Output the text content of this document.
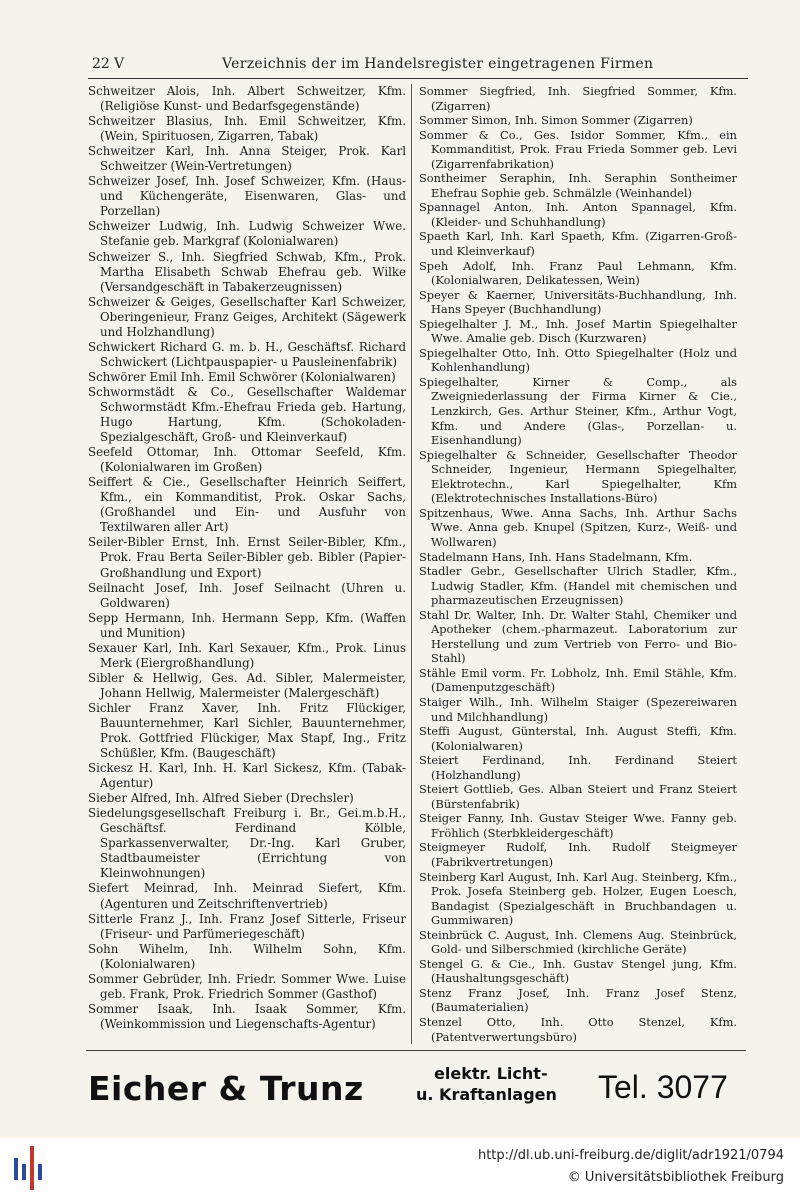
22 V	Verzeichnis der im Handelsregister eingetragenen Firmen

Schweitzer Alois, Inh. Albert Schweitzer, Kfm. (Religiöse Kunst- und Bedarfsgegenstände)

Schweitzer Blasius, Inh. Emil Schweitzer, Kfm. (Wein, Spirituosen, Zigarren, Tabak)

Schweitzer Karl, Inh. Anna Steiger, Prok. Karl Schweitzer (Wein-Vertretungen)

Schweizer Josef, Inh. Josef Schweizer, Kfm. (Haus- und Küchengeräte, Eisenwaren, Glas- und Porzellan)

Schweizer Ludwig, Inh. Ludwig Schweizer Wwe. Stefanie geb. Markgraf (Kolonialwaren)

Schweizer S., Inh. Siegfried Schwab, Kfm., Prok. Martha Elisabeth Schwab Ehefrau geb. Wilke (Versandgeschäft in Tabakerzeugnissen)

Schweizer & Geiges, Gesellschafter Karl Schweizer, Oberingenieur, Franz Geiges, Architekt (Sägewerk und Holzhandlung)

Schwickert Richard G. m. b. H., Geschäftsf. Richard Schwickert (Lichtpauspapier- u Pausleinenfabrik)

Schwörer Emil Inh. Emil Schwörer (Kolonialwaren)

Schwormstädt & Co., Gesellschafter Waldemar Schwormstädt Kfm.-Ehefrau Frieda geb. Hartung, Hugo Hartung, Kfm. (Schokoladen-Spezialgeschäft, Groß- und Kleinverkauf)

Seefeld Ottomar, Inh. Ottomar Seefeld, Kfm. (Kolonialwaren im Großen)

Seiffert & Cie., Gesellschafter Heinrich Seiffert, Kfm., ein Kommanditist, Prok. Oskar Sachs, (Großhandel und Ein- und Ausfuhr von Textilwaren aller Art)

Seiler-Bibler Ernst, Inh. Ernst Seiler-Bibler, Kfm., Prok. Frau Berta Seiler-Bibler geb. Bibler (Papier-Großhandlung und Export)

Seilnacht Josef, Inh. Josef Seilnacht (Uhren u. Goldwaren)

Sepp Hermann, Inh. Hermann Sepp, Kfm. (Waffen und Munition)

Sexauer Karl, Inh. Karl Sexauer, Kfm., Prok. Linus Merk (Eiergroßhandlung)

Sibler & Hellwig, Ges. Ad. Sibler, Malermeister, Johann Hellwig, Malermeister (Malergeschäft)

Sichler Franz Xaver, Inh. Fritz Flückiger, Bauunternehmer, Karl Sichler, Bauunternehmer, Prok. Gottfried Flückiger, Max Stapf, Ing., Fritz Schüßler, Kfm. (Baugeschäft)

Sickesz H. Karl, Inh. H. Karl Sickesz, Kfm. (Tabak-Agentur)

Sieber Alfred, Inh. Alfred Sieber (Drechsler)

Siedelungsgesellschaft Freiburg i. Br., Gei.m.b.H., Geschäftsf. Ferdinand Kölble, Sparkassenverwalter, Dr.-Ing. Karl Gruber, Stadtbaumeister (Errichtung von Kleinwohnungen)

Siefert Meinrad, Inh. Meinrad Siefert, Kfm. (Agenturen und Zeitschriftenvertrieb)

Sitterle Franz J., Inh. Franz Josef Sitterle, Friseur (Friseur- und Parfümeriegeschäft)

Sohn Wihelm, Inh. Wilhelm Sohn, Kfm. (Kolonialwaren)

Sommer Gebrüder, Inh. Friedr. Sommer Wwe. Luise geb. Frank, Prok. Friedrich Sommer (Gasthof)

Sommer Isaak, Inh. Isaak Sommer, Kfm. (Weinkommission und Liegenschafts-Agentur)

Sommer Siegfried, Inh. Siegfried Sommer, Kfm. (Zigarren)

Sommer Simon, Inh. Simon Sommer (Zigarren)

Sommer & Co., Ges. Isidor Sommer, Kfm., ein Kommanditist, Prok. Frau Frieda Sommer geb. Levi (Zigarrenfabrikation)

Sontheimer Seraphin, Inh. Seraphin Sontheimer Ehefrau Sophie geb. Schmälzle (Weinhandel)

Spannagel Anton, Inh. Anton Spannagel, Kfm. (Kleider- und Schuhhandlung)

Spaeth Karl, Inh. Karl Spaeth, Kfm. (Zigarren-Groß- und Kleinverkauf)

Speh Adolf, Inh. Franz Paul Lehmann, Kfm. (Kolonialwaren, Delikatessen, Wein)

Speyer & Kaerner, Universitäts-Buchhandlung, Inh. Hans Speyer (Buchhandlung)

Spiegelhalter J. M., Inh. Josef Martin Spiegelhalter Wwe. Amalie geb. Disch (Kurzwaren)

Spiegelhalter Otto, Inh. Otto Spiegelhalter (Holz und Kohlenhandlung)

Spiegelhalter, Kirner & Comp., als Zweigniederlassung der Firma Kirner & Cie., Lenzkirch, Ges. Arthur Steiner, Kfm., Arthur Vogt, Kfm. und Andere (Glas-, Porzellan- u. Eisenhandlung)

Spiegelhalter & Schneider, Gesellschafter Theodor Schneider, Ingenieur, Hermann Spiegelhalter, Elektrotechn., Karl Spiegelhalter, Kfm (Elektrotechnisches Installations-Büro)

Spitzenhaus, Wwe. Anna Sachs, Inh. Arthur Sachs Wwe. Anna geb. Knupel (Spitzen, Kurz-, Weiß- und Wollwaren)

Stadelmann Hans, Inh. Hans Stadelmann, Kfm.

Stadler Gebr., Gesellschafter Ulrich Stadler, Kfm., Ludwig Stadler, Kfm. (Handel mit chemischen und pharmazeutischen Erzeugnissen)

Stahl Dr. Walter, Inh. Dr. Walter Stahl, Chemiker und Apotheker (chem.-pharmazeut. Laboratorium zur Herstellung und zum Vertrieb von Ferro- und Bio-Stahl)

Stähle Emil vorm. Fr. Lobholz, Inh. Emil Stähle, Kfm. (Damenputzgeschäft)

Staiger Wilh., Inh. Wilhelm Staiger (Spezereiwaren und Milchhandlung)

Steffi August, Günterstal, Inh. August Steffi, Kfm. (Kolonialwaren)

Steiert Ferdinand, Inh. Ferdinand Steiert (Holzhandlung)

Steiert Gottlieb, Ges. Alban Steiert und Franz Steiert (Bürstenfabrik)

Steiger Fanny, Inh. Gustav Steiger Wwe. Fanny geb. Fröhlich (Sterbkleidergeschäft)

Steigmeyer Rudolf, Inh. Rudolf Steigmeyer (Fabrikvertretungen)

Steinberg Karl August, Inh. Karl Aug. Steinberg, Kfm., Prok. Josefa Steinberg geb. Holzer, Eugen Loesch, Bandagist (Spezialgeschäft in Bruchbandagen u. Gummiwaren)

Steinbrück C. August, Inh. Clemens Aug. Steinbrück, Gold- und Silberschmied (kirchliche Geräte)

Stengel G. & Cie., Inh. Gustav Stengel jung, Kfm. (Haushaltungsgeschäft)

Stenz Franz Josef, Inh. Franz Josef Stenz, (Baumaterialien)

Stenzel Otto, Inh. Otto Stenzel, Kfm. (Patentverwertungsbüro)

Eicher & Trunz	elektr. Licht-
u. Kraftanlagen	Tel. 3077
http://dl.ub.uni-freiburg.de/diglit/adr1921/0794
© Universitätsbibliothek Freiburg
